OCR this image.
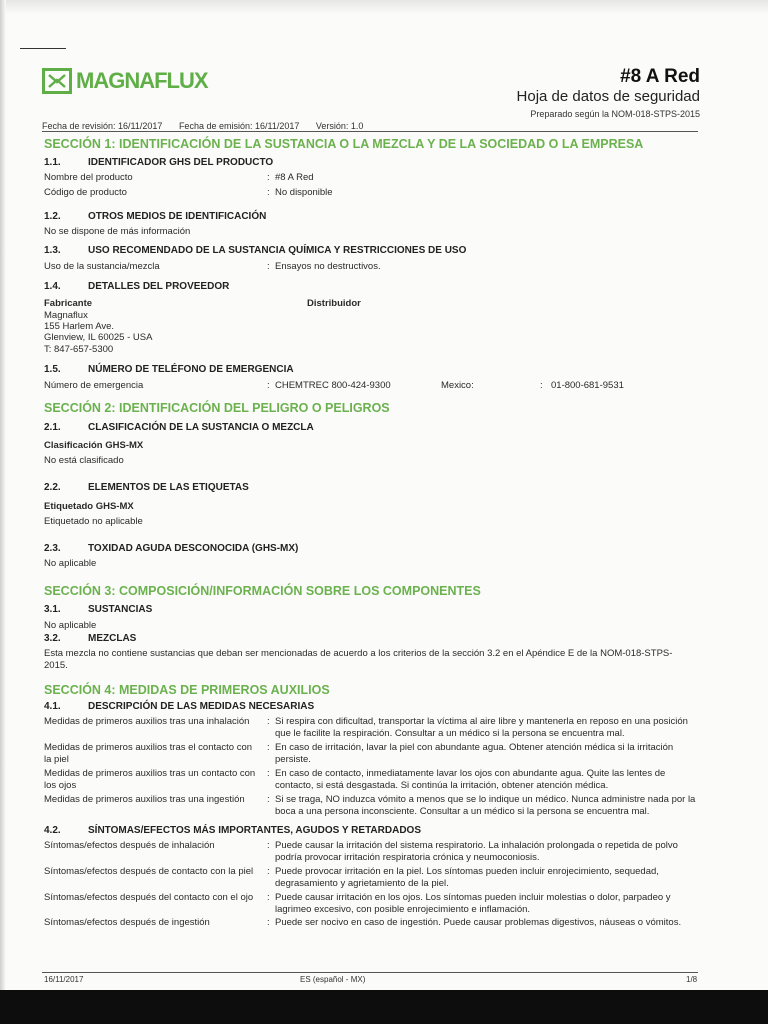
MAGNAFLUX	#8 A Red
Hoja de datos de seguridad
Preparado según la NOM-018-STPS-2015
Fecha de revisión: 16/11/2017 Fecha de emisión: 16/11/2017 Versión: 1.0
SECCIÓN 1: IDENTIFICACIÓN DE LA SUSTANCIA O LA MEZCLA Y DE LA SOCIEDAD O LA EMPRESA
1.1.	IDENTIFICADOR GHS DEL PRODUCTO
Nombre del producto	: #8 A Red
Código de producto	: No disponible
1.2.	OTROS MEDIOS DE IDENTIFICACIÓN
No se dispone de más información
1.3.	USO RECOMENDADO DE LA SUSTANCIA QUÍMICA Y RESTRICCIONES DE USO
Uso de la sustancia/mezcla	: Ensayos no destructivos.
1.4.	DETALLES DEL PROVEEDOR
Fabricante	Distribuidor
Magnaflux
155 Harlem Ave.
Glenview, IL 60025 - USA
T: 847-657-5300
1.5.	NÚMERO DE TELÉFONO DE EMERGENCIA
Número de emergencia	: CHEMTREC 800-424-9300	Mexico:	: 01-800-681-9531
SECCIÓN 2: IDENTIFICACIÓN DEL PELIGRO O PELIGROS
2.1.	CLASIFICACIÓN DE LA SUSTANCIA O MEZCLA
Clasificación GHS-MX
No está clasificado
2.2.	ELEMENTOS DE LAS ETIQUETAS
Etiquetado GHS-MX
Etiquetado no aplicable
2.3.	TOXIDAD AGUDA DESCONOCIDA (GHS-MX)
No aplicable
SECCIÓN 3: COMPOSICIÓN/INFORMACIÓN SOBRE LOS COMPONENTES
3.1.	SUSTANCIAS
No aplicable
3.2.	MEZCLAS
Esta mezcla no contiene sustancias que deban ser mencionadas de acuerdo a los criterios de la sección 3.2 en el Apéndice E de la NOM-018-STPS-2015.
SECCIÓN 4: MEDIDAS DE PRIMEROS AUXILIOS
4.1.	DESCRIPCIÓN DE LAS MEDIDAS NECESARIAS
Medidas de primeros auxilios tras una inhalación	: Si respira con dificultad, transportar la víctima al aire libre y mantenerla en reposo en una posición que le facilite la respiración. Consultar a un médico si la persona se encuentra mal.
Medidas de primeros auxilios tras el contacto con la piel
: En caso de irritación, lavar la piel con abundante agua. Obtener atención médica si la irritación persiste.
Medidas de primeros auxilios tras un contacto con los ojos
: En caso de contacto, inmediatamente lavar los ojos con abundante agua. Quite las lentes de contacto, si está desgastada. Si continúa la irritación, obtener atención médica.
Medidas de primeros auxilios tras una ingestión	: Si se traga, NO induzca vómito a menos que se lo indique un médico. Nunca administre nada por la boca a una persona inconsciente. Consultar a un médico si la persona se encuentra mal.
4.2.	SÍNTOMAS/EFECTOS MÁS IMPORTANTES, AGUDOS Y RETARDADOS
Síntomas/efectos después de inhalación	: Puede causar la irritación del sistema respiratorio. La inhalación prolongada o repetida de polvo podría provocar irritación respiratoria crónica y neumoconiosis.
Síntomas/efectos después de contacto con la piel	: Puede provocar irritación en la piel. Los síntomas pueden incluir enrojecimiento, sequedad, degrasamiento y agrietamiento de la piel.
Síntomas/efectos después del contacto con el ojo	: Puede causar irritación en los ojos. Los síntomas pueden incluir molestias o dolor, parpadeo y lagrimeo excesivo, con posible enrojecimiento e inflamación.
Síntomas/efectos después de ingestión	: Puede ser nocivo en caso de ingestión. Puede causar problemas digestivos, náuseas o vómitos.
16/11/2017	ES (español - MX)	1/8
